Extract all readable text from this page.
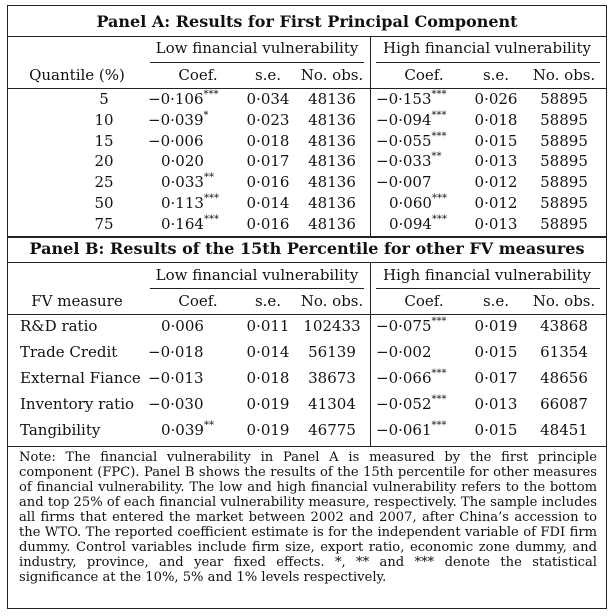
Panel A: Results for First Principal Component
Low financial vulnerability	High financial vulnerability
Quantile (%)	Coef. s.e. No. obs.	Coef.	s.e. No. obs.
5	−0·106*** 0·034 48136 −0·153*** 0·026 58895
10 −0·039*	0·023 48136 −0·094*** 0·018 58895
15 −0·006	0·018 48136 −0·055*** 0·015 58895
20	0·020	0·017 48136 −0·033** 0·013 58895
25	0·033** 0·016 48136 −0·007	0·012 58895
50	0·113*** 0·014 48136 0·060*** 0·012 58895
75	0·164*** 0·016 48136 0·094*** 0·013 58895
Panel B: Results of the 15th Percentile for other FV measures
Low financial vulnerability	High financial vulnerability
FV measure	Coef. s.e. No. obs.	Coef.	s.e. No. obs.
R&D ratio	0·006	0·011 102433 −0·075*** 0·019 43868
Trade Credit −0·018	0·014 56139 −0·002	0·015 61354
External Fiance −0·013	0·018 38673 −0·066*** 0·017 48656
Inventory ratio −0·030	0·019 41304 −0·052*** 0·013 66087
Tangibility	0·039** 0·019 46775 −0·061*** 0·015 48451
Note: The financial vulnerability in Panel A is measured by the first principle component (FPC). Panel B shows the results of the 15th percentile for other measures of financial vulnerability. The low and high financial vulnerability refers to the bottom and top 25% of each financial vulnerability measure, respectively. The sample includes all firms that entered the market between 2002 and 2007, after China’s accession to the WTO. The reported coefficient estimate is for the independent variable of FDI firm dummy. Control variables include firm size, export ratio, economic zone dummy, and industry, province, and year fixed effects. *, ** and *** denote the statistical significance at the 10%, 5% and 1% levels respectively.
